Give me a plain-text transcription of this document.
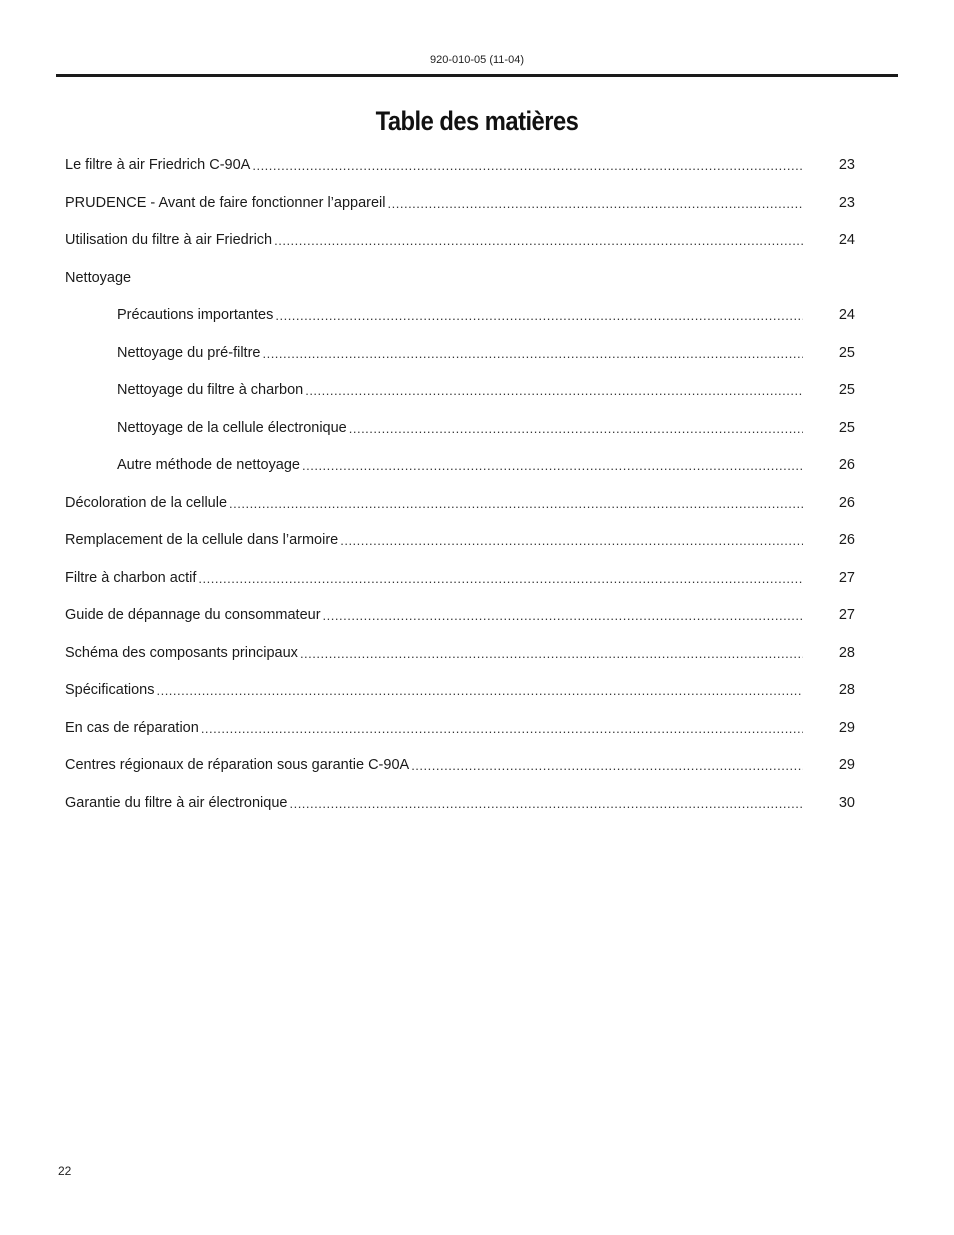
920-010-05 (11-04)
Table des matières
Le filtre à air Friedrich C-90A .....	23
PRUDENCE - Avant de faire fonctionner l’appareil .....	23
Utilisation du filtre à air Friedrich .....	24
Nettoyage
Précautions importantes .....	24
Nettoyage du pré-filtre .....	25
Nettoyage du filtre à charbon .....	25
Nettoyage de la cellule électronique .....	25
Autre méthode de nettoyage .....	26
Décoloration de la cellule .....	26
Remplacement de la cellule dans l’armoire .....	26
Filtre à charbon actif .....	27
Guide de dépannage du consommateur .....	27
Schéma des composants principaux .....	28
Spécifications .....	28
En cas de réparation .....	29
Centres régionaux de réparation sous garantie C-90A .....	29
Garantie du filtre à air électronique .....	30
22
